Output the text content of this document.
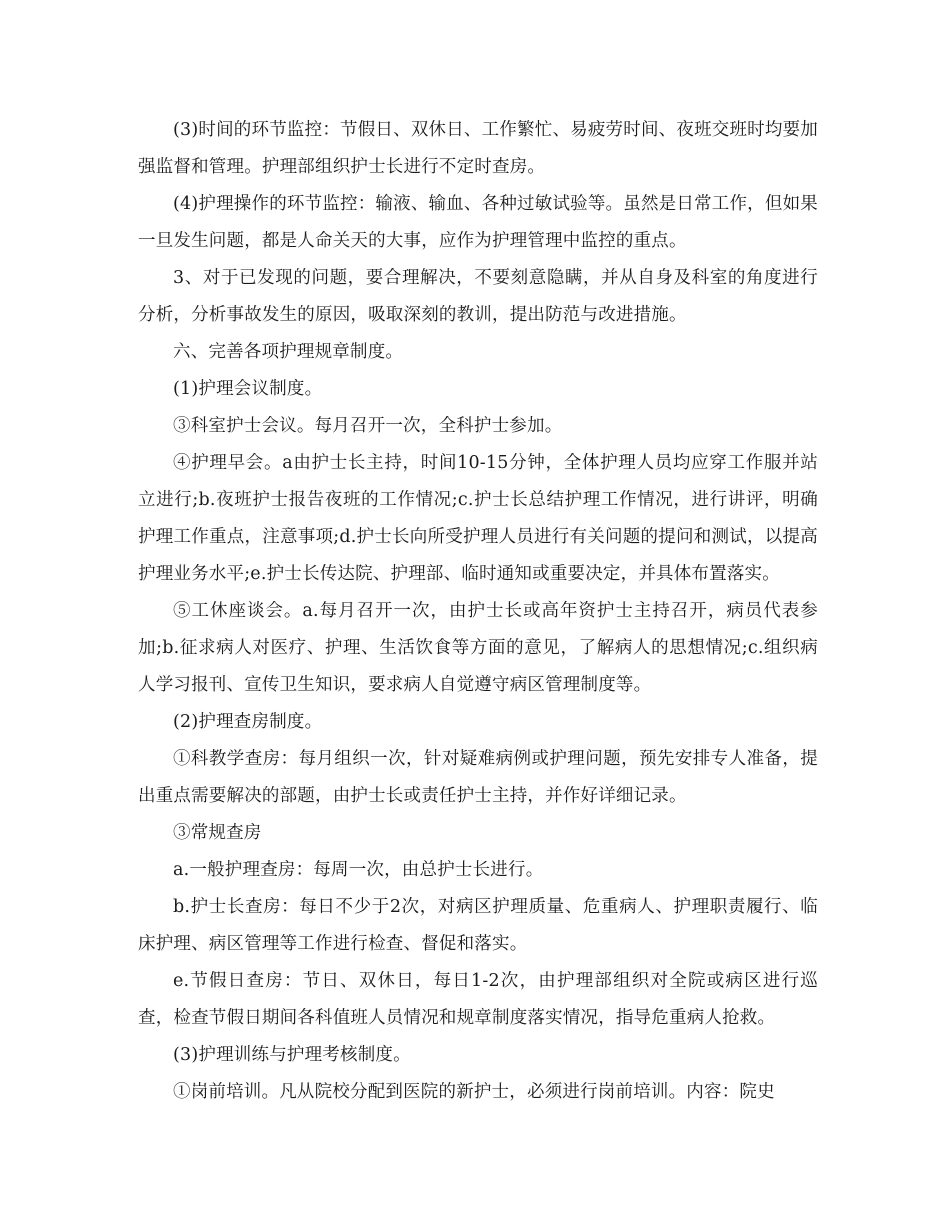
(3)时间的环节监控：节假日、双休日、工作繁忙、易疲劳时间、夜班交班时均要加强监督和管理。护理部组织护士长进行不定时查房。

(4)护理操作的环节监控：输液、输血、各种过敏试验等。虽然是日常工作，但如果一旦发生问题，都是人命关天的大事，应作为护理管理中监控的重点。

3、对于已发现的问题，要合理解决，不要刻意隐瞒，并从自身及科室的角度进行分析，分析事故发生的原因，吸取深刻的教训，提出防范与改进措施。

六、完善各项护理规章制度。

(1)护理会议制度。

③科室护士会议。每月召开一次，全科护士参加。

④护理早会。a由护士长主持，时间10-15分钟，全体护理人员均应穿工作服并站立进行;b.夜班护士报告夜班的工作情况;c.护士长总结护理工作情况，进行讲评，明确护理工作重点，注意事项;d.护士长向所受护理人员进行有关问题的提问和测试，以提高护理业务水平;e.护士长传达院、护理部、临时通知或重要决定，并具体布置落实。

⑤工休座谈会。a.每月召开一次，由护士长或高年资护士主持召开，病员代表参加;b.征求病人对医疗、护理、生活饮食等方面的意见，了解病人的思想情况;c.组织病人学习报刊、宣传卫生知识，要求病人自觉遵守病区管理制度等。

(2)护理查房制度。

①科教学查房：每月组织一次，针对疑难病例或护理问题，预先安排专人准备，提出重点需要解决的部题，由护士长或责任护士主持，并作好详细记录。

③常规查房

a.一般护理查房：每周一次，由总护士长进行。

b.护士长查房：每日不少于2次，对病区护理质量、危重病人、护理职责履行、临床护理、病区管理等工作进行检查、督促和落实。

e.节假日查房：节日、双休日，每日1-2次，由护理部组织对全院或病区进行巡查，检查节假日期间各科值班人员情况和规章制度落实情况，指导危重病人抢救。

(3)护理训练与护理考核制度。

①岗前培训。凡从院校分配到医院的新护士，必须进行岗前培训。内容：院史
